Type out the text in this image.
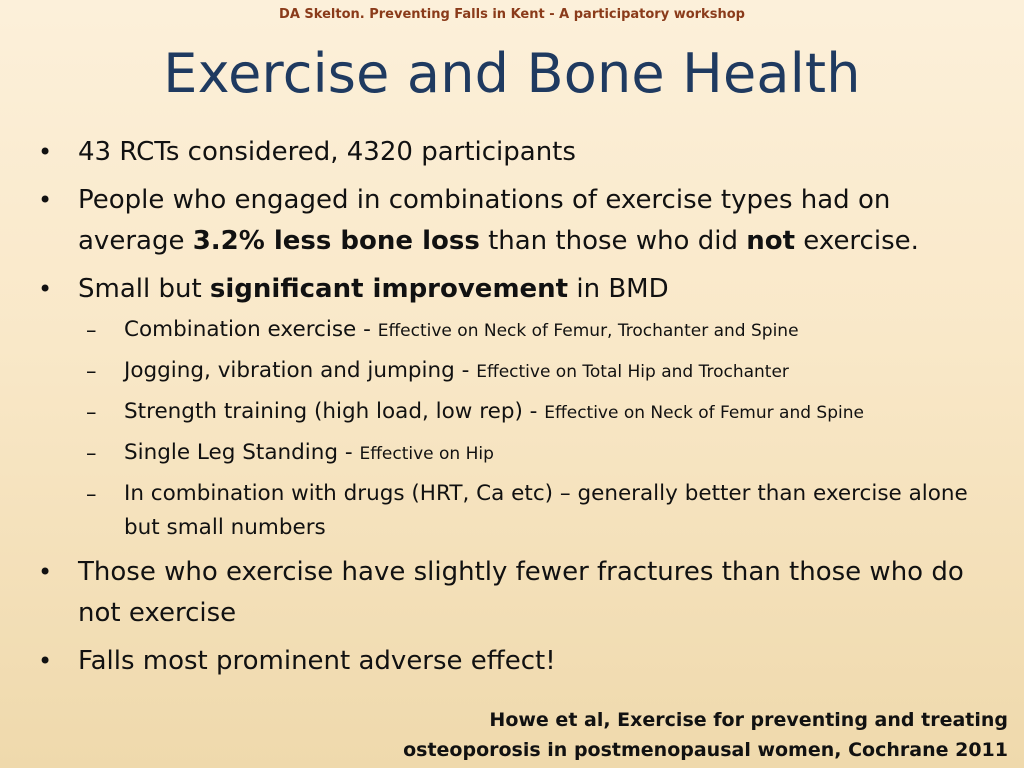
DA Skelton. Preventing Falls in Kent - A participatory workshop
Exercise and Bone Health
• 43 RCTs considered, 4320 participants
• People who engaged in combinations of exercise types had on average 3.2% less bone loss than those who did not exercise.
• Small but significant improvement in BMD
– Combination exercise - Effective on Neck of Femur, Trochanter and Spine
– Jogging, vibration and jumping - Effective on Total Hip and Trochanter
– Strength training (high load, low rep) - Effective on Neck of Femur and Spine
– Single Leg Standing - Effective on Hip
– In combination with drugs (HRT, Ca etc) – generally better than exercise alone but small numbers
• Those who exercise have slightly fewer fractures than those who do not exercise
• Falls most prominent adverse effect!
Howe et al, Exercise for preventing and treating
osteoporosis in postmenopausal women, Cochrane 2011
